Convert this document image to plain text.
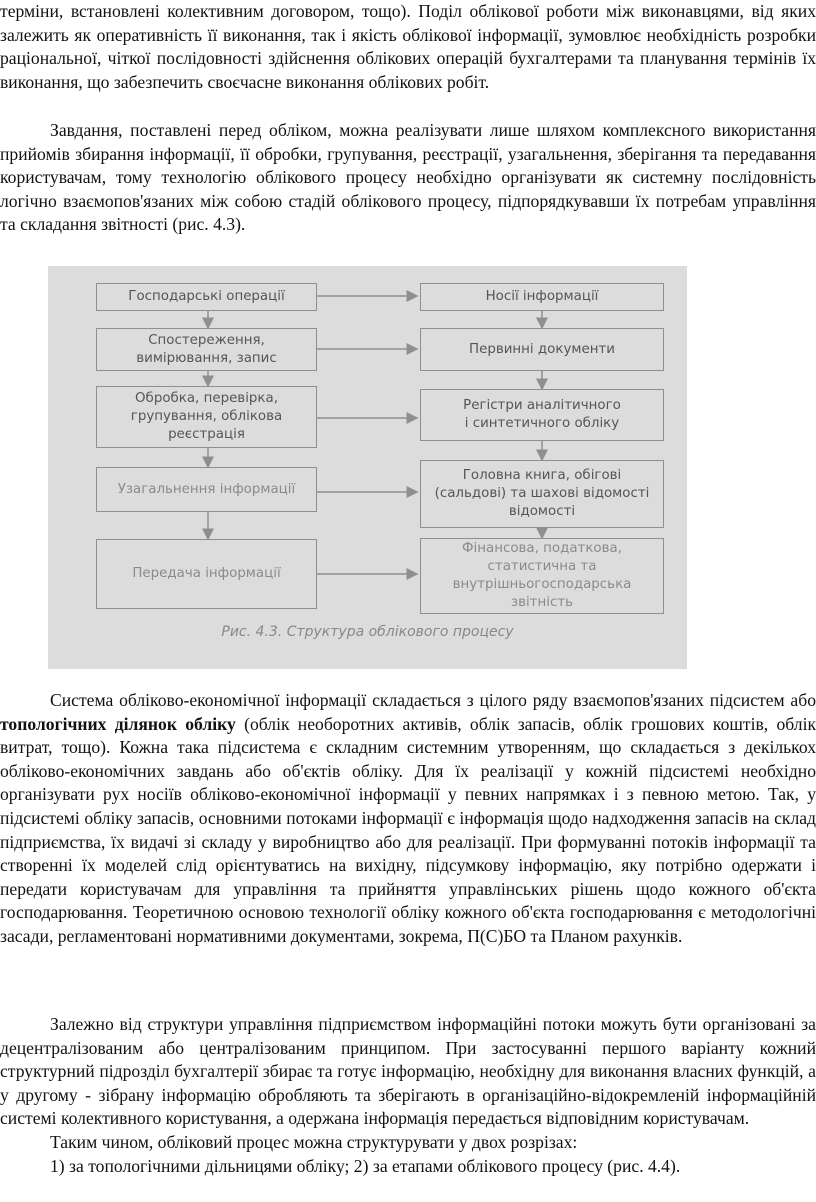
терміни, встановлені колективним договором, тощо). Поділ облікової роботи між виконавцями, від яких залежить як оперативність її виконання, так і якість облікової інформації, зумовлює необхідність розробки раціональної, чіткої послідовності здійснення облікових операцій бухгалтерами та планування термінів їх виконання, що забезпечить своєчасне виконання облікових робіт.

Завдання, поставлені перед обліком, можна реалізувати лише шляхом комплексного використання прийомів збирання інформації, її обробки, групування, реєстрації, узагальнення, зберігання та передавання користувачам, тому технологію облікового процесу необхідно організувати як системну послідовність логічно взаємопов'язаних між собою стадій облікового процесу, підпорядкувавши їх потребам управління та складання звітності (рис. 4.3).

Господарські операції
Спостереження,
вимірювання, запис
Обробка, перевірка,
групування, облікова
реєстрація
Узагальнення інформації
Передача інформації
Носії інформації
Первинні документи
Регістри аналітичного
і синтетичного обліку
Головна книга, обігові
(сальдові) та шахові відомості
відомості
Фінансова, податкова,
статистична та
внутрішньогосподарська
звітність
Рис. 4.3. Структура облікового процесу

Система обліково-економічної інформації складається з цілого ряду взаємопов'язаних підсистем або топологічних ділянок обліку (облік необоротних активів, облік запасів, облік грошових коштів, облік витрат, тощо). Кожна така підсистема є складним системним утворенням, що складається з декількох обліково-економічних завдань або об'єктів обліку. Для їх реалізації у кожній підсистемі необхідно організувати рух носіїв обліково-економічної інформації у певних напрямках і з певною метою. Так, у підсистемі обліку запасів, основними потоками інформації є інформація щодо надходження запасів на склад підприємства, їх видачі зі складу у виробництво або для реалізації. При формуванні потоків інформації та створенні їх моделей слід орієнтуватись на вихідну, підсумкову інформацію, яку потрібно одержати і передати користувачам для управління та прийняття управлінських рішень щодо кожного об'єкта господарювання. Теоретичною основою технології обліку кожного об'єкта господарювання є методологічні засади, регламентовані нормативними документами, зокрема, П(С)БО та Планом рахунків.

Залежно від структури управління підприємством інформаційні потоки можуть бути організовані за децентралізованим або централізованим принципом. При застосуванні першого варіанту кожний структурний підрозділ бухгалтерії збирає та готує інформацію, необхідну для виконання власних функцій, а у другому - зібрану інформацію обробляють та зберігають в організаційно-відокремленій інформаційній системі колективного користування, а одержана інформація передається відповідним користувачам.

Таким чином, обліковий процес можна структурувати у двох розрізах:

1) за топологічними дільницями обліку; 2) за етапами облікового процесу (рис. 4.4).
